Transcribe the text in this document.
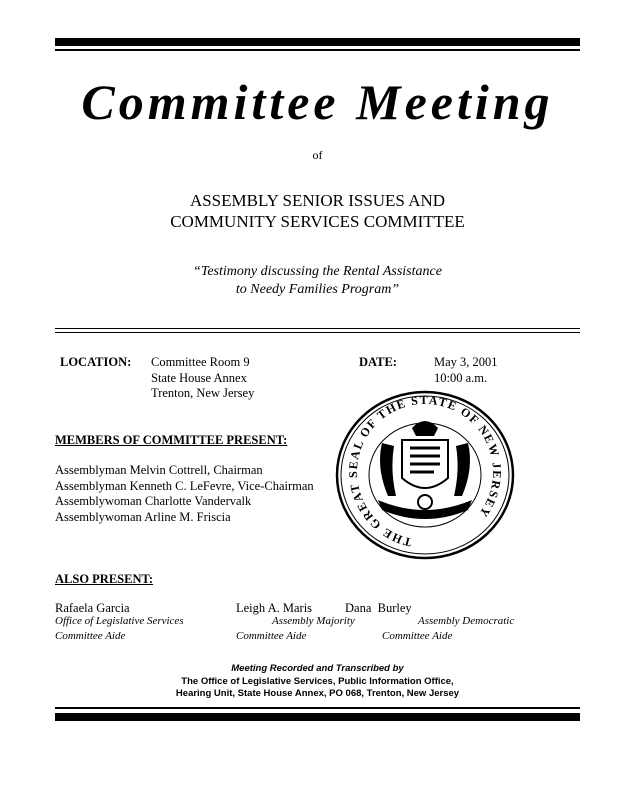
Committee Meeting
of
ASSEMBLY SENIOR ISSUES AND
COMMUNITY SERVICES COMMITTEE
“Testimony discussing the Rental Assistance
to Needy Families Program”
LOCATION: Committee Room 9
State House Annex
Trenton, New Jersey
DATE:	May 3, 2001
10:00 a.m.
MEMBERS OF COMMITTEE PRESENT:
Assemblyman Melvin Cottrell, Chairman
Assemblyman Kenneth C. LeFevre, Vice-Chairman
Assemblywoman Charlotte Vandervalk
Assemblywoman Arline M. Friscia
THE GREAT SEAL OF THE STATE OF NEW JERSEY
ALSO PRESENT:
Rafaela Garcia	Leigh A. Maris	Dana  Burley
Office of Legislative Services	Assembly Majority	Assembly Democratic
Committee Aide	Committee Aide	Committee Aide
Meeting Recorded and Transcribed by
The Office of Legislative Services, Public Information Office,
Hearing Unit, State House Annex, PO 068, Trenton, New Jersey
